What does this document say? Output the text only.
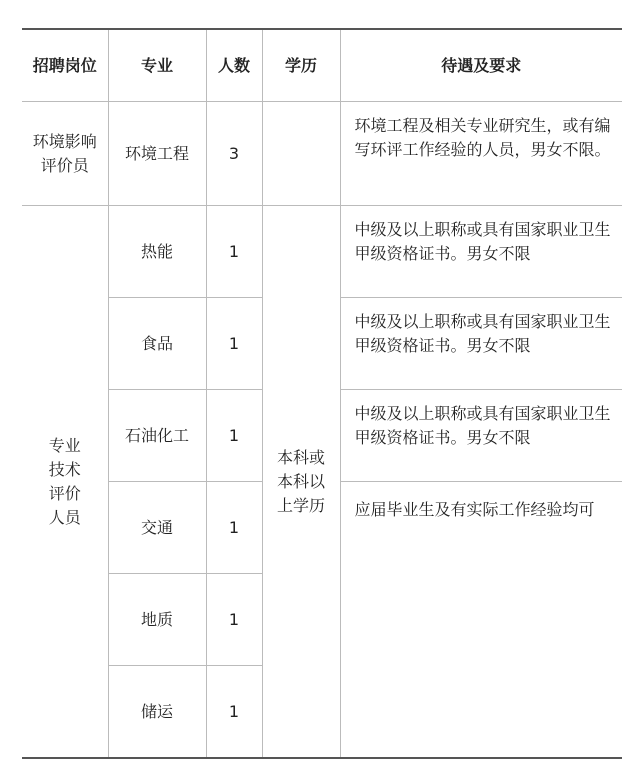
招聘岗位	专业	人数	学历	待遇及要求

环境影响评价员	环境工程	3		环境工程及相关专业研究生，或有编写环评工作经验的人员，男女不限。

专业技术评价人员	热能	1	本科或本科以上学历	中级及以上职称或具有国家职业卫生甲级资格证书。男女不限
	食品	1		中级及以上职称或具有国家职业卫生甲级资格证书。男女不限
	石油化工	1		中级及以上职称或具有国家职业卫生甲级资格证书。男女不限
	交通	1		应届毕业生及有实际工作经验均可
	地质	1		
	储运	1		
